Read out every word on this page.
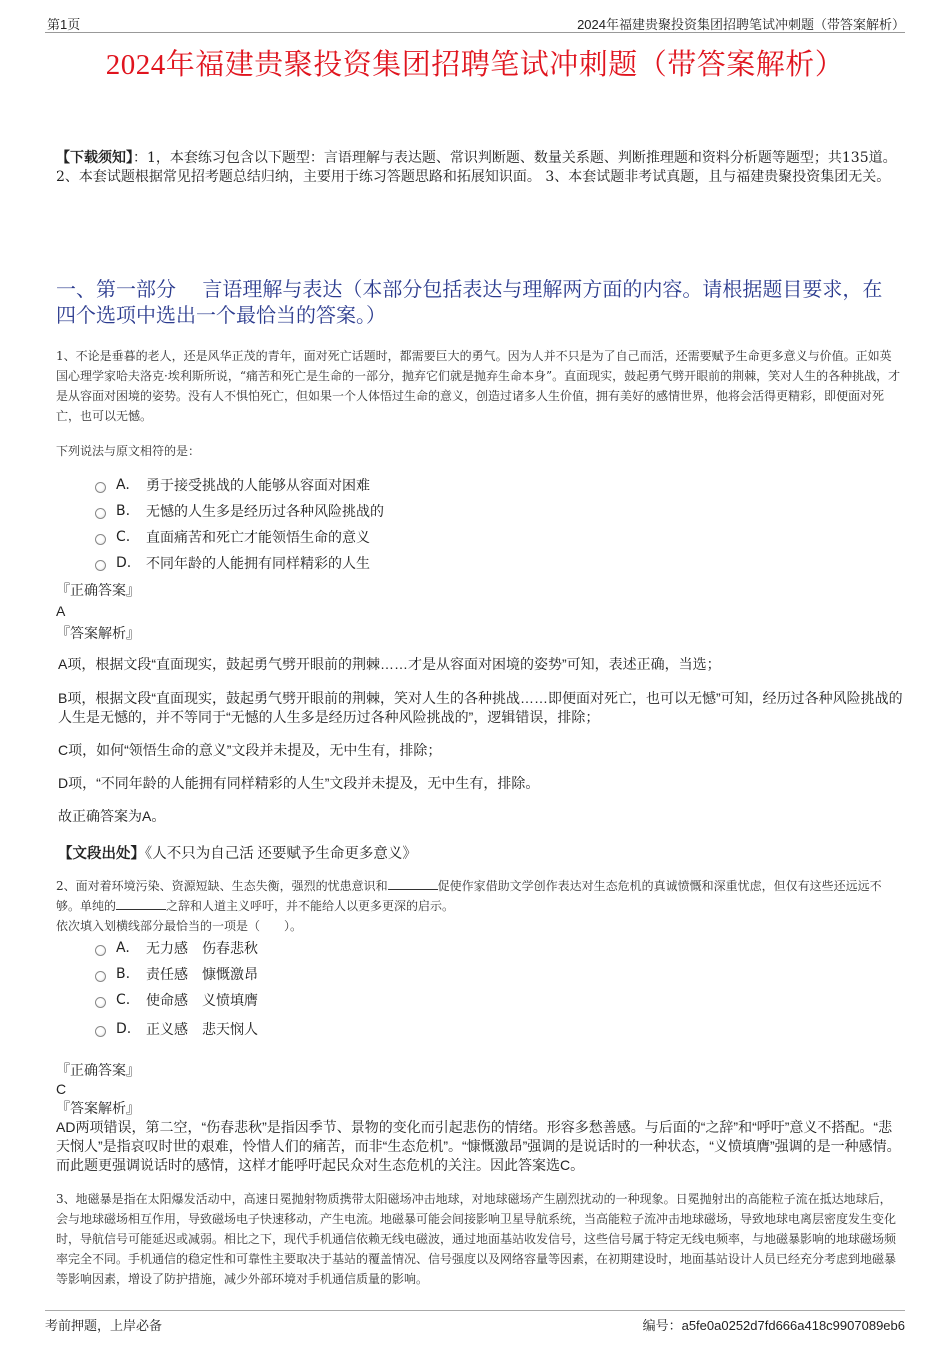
第1页	2024年福建贵聚投资集团招聘笔试冲刺题（带答案解析）
2024年福建贵聚投资集团招聘笔试冲刺题（带答案解析）
【下载须知】：1，本套练习包含以下题型：言语理解与表达题、常识判断题、数量关系题、判断推理题和资料分析题等题型；共135道。 2、本套试题根据常见招考题总结归纳，主要用于练习答题思路和拓展知识面。 3、本套试题非考试真题，且与福建贵聚投资集团无关。
一、第一部分　 言语理解与表达（本部分包括表达与理解两方面的内容。请根据题目要求，在四个选项中选出一个最恰当的答案。）
1、不论是垂暮的老人，还是风华正茂的青年，面对死亡话题时，都需要巨大的勇气。因为人并不只是为了自己而活，还需要赋予生命更多意义与价值。正如英国心理学家哈夫洛克·埃利斯所说，“痛苦和死亡是生命的一部分，抛弃它们就是抛弃生命本身”。直面现实，鼓起勇气劈开眼前的荆棘，笑对人生的各种挑战，才是从容面对困境的姿势。没有人不惧怕死亡，但如果一个人体悟过生命的意义，创造过诸多人生价值，拥有美好的感情世界，他将会活得更精彩，即便面对死亡，也可以无憾。
下列说法与原文相符的是：
A.	勇于接受挑战的人能够从容面对困难
B.	无憾的人生多是经历过各种风险挑战的
C.	直面痛苦和死亡才能领悟生命的意义
D.	不同年龄的人能拥有同样精彩的人生
『正确答案』
A
『答案解析』
A项，根据文段“直面现实，鼓起勇气劈开眼前的荆棘……才是从容面对困境的姿势”可知，表述正确，当选；
B项，根据文段“直面现实，鼓起勇气劈开眼前的荆棘，笑对人生的各种挑战……即便面对死亡，也可以无憾”可知，经历过各种风险挑战的人生是无憾的，并不等同于“无憾的人生多是经历过各种风险挑战的”，逻辑错误，排除；
C项，如何“领悟生命的意义”文段并未提及，无中生有，排除；
D项，“不同年龄的人能拥有同样精彩的人生”文段并未提及，无中生有，排除。
故正确答案为A。
【文段出处】《人不只为自己活 还要赋予生命更多意义》
2、面对着环境污染、资源短缺、生态失衡，强烈的忧患意识和	促使作家借助文学创作表达对生态危机的真诚愤慨和深重忧虑，但仅有这些还远远不够。单纯的	之辞和人道主义呼吁，并不能给人以更多更深的启示。
依次填入划横线部分最恰当的一项是（　　）。
A.	无力感　伤春悲秋
B.	责任感　慷慨激昂
C.	使命感　义愤填膺
D.	正义感　悲天悯人
『正确答案』
C
『答案解析』
AD两项错误，第二空，“伤春悲秋”是指因季节、景物的变化而引起悲伤的情绪。形容多愁善感。与后面的“之辞”和“呼吁”意义不搭配。“悲天悯人”是指哀叹时世的艰难，怜惜人们的痛苦，而非“生态危机”。“慷慨激昂”强调的是说话时的一种状态，“义愤填膺”强调的是一种感情。而此题更强调说话时的感情，这样才能呼吁起民众对生态危机的关注。因此答案选C。
3、地磁暴是指在太阳爆发活动中，高速日冕抛射物质携带太阳磁场冲击地球，对地球磁场产生剧烈扰动的一种现象。日冕抛射出的高能粒子流在抵达地球后，会与地球磁场相互作用，导致磁场电子快速移动，产生电流。地磁暴可能会间接影响卫星导航系统，当高能粒子流冲击地球磁场，导致地球电离层密度发生变化时，导航信号可能延迟或减弱。相比之下，现代手机通信依赖无线电磁波，通过地面基站收发信号，这些信号属于特定无线电频率，与地磁暴影响的地球磁场频率完全不同。手机通信的稳定性和可靠性主要取决于基站的覆盖情况、信号强度以及网络容量等因素，在初期建设时，地面基站设计人员已经充分考虑到地磁暴等影响因素，增设了防护措施，减少外部环境对手机通信质量的影响。
考前押题，上岸必备	编号：a5fe0a0252d7fd666a418c9907089eb6
